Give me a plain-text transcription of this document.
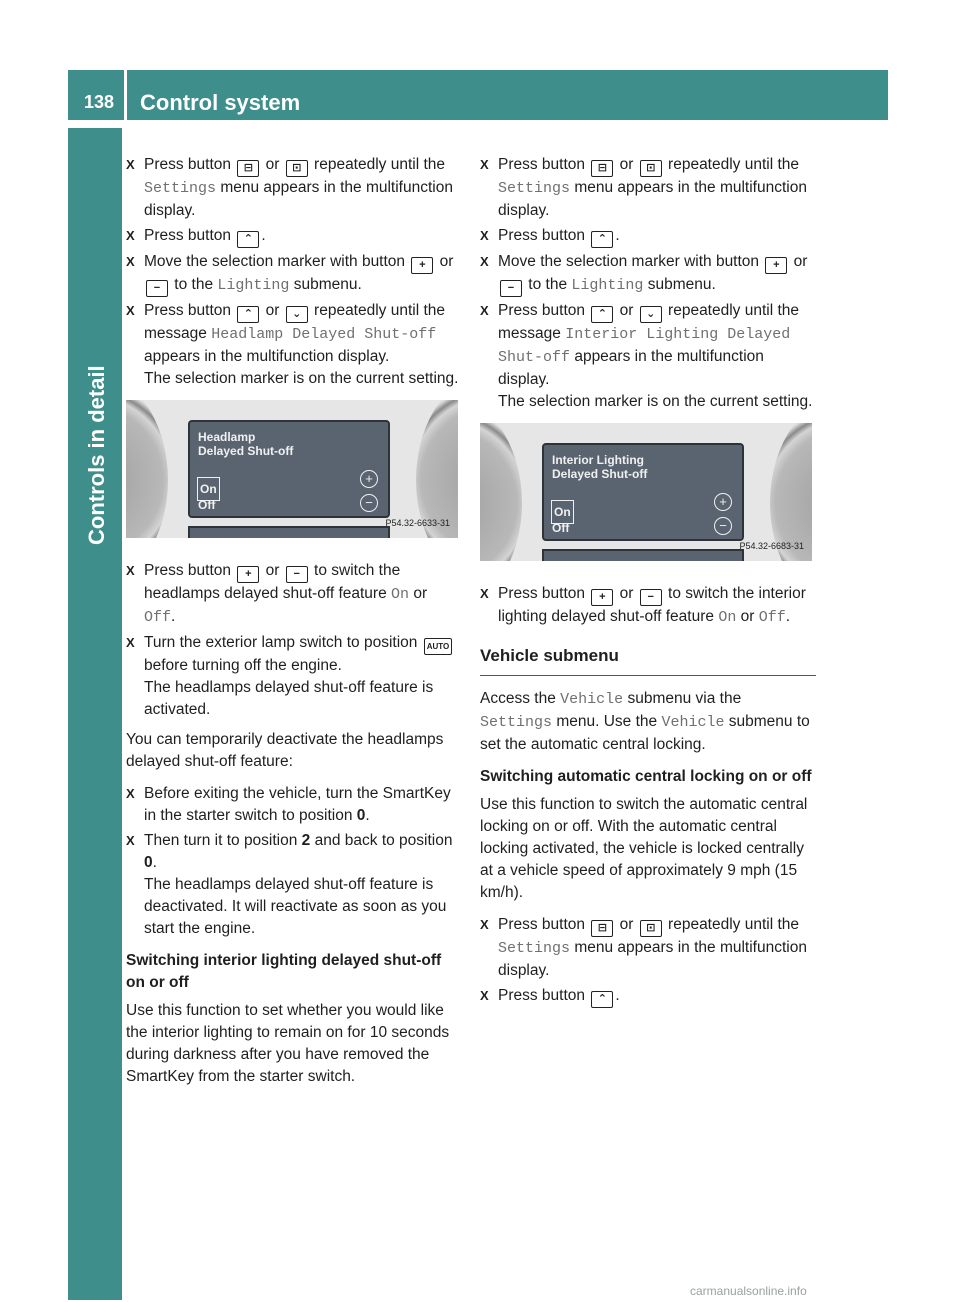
138 Control system
Controls in detail
X Press button ⊟ or ⊡ repeatedly until the Settings menu appears in the multifunction display.
X Press button ⌃ .
X Move the selection marker with button + or − to the Lighting submenu.
X Press button ⌃ or ⌄ repeatedly until the message Headlamp Delayed Shut-off appears in the multifunction display.
The selection marker is on the current setting.
Headlamp
Delayed Shut-off
On
Off
+
−
P54.32-6633-31
X Press button + or − to switch the headlamps delayed shut-off feature On or Off.
X Turn the exterior lamp switch to position AUTO before turning off the engine.
The headlamps delayed shut-off feature is activated.

You can temporarily deactivate the headlamps delayed shut-off feature:

X Before exiting the vehicle, turn the SmartKey in the starter switch to position 0.
X Then turn it to position 2 and back to position 0.
The headlamps delayed shut-off feature is deactivated. It will reactivate as soon as you start the engine.

Switching interior lighting delayed shut-off on or off

Use this function to set whether you would like the interior lighting to remain on for 10 seconds during darkness after you have removed the SmartKey from the starter switch.

X Press button ⊟ or ⊡ repeatedly until the Settings menu appears in the multifunction display.
X Press button ⌃ .
X Move the selection marker with button + or − to the Lighting submenu.
X Press button ⌃ or ⌄ repeatedly until the message Interior Lighting Delayed Shut-off appears in the multifunction display.
The selection marker is on the current setting.
Interior Lighting
Delayed Shut-off
On
Off
+
−
P54.32-6683-31
X Press button + or − to switch the interior lighting delayed shut-off feature On or Off.
Vehicle submenu

Access the Vehicle submenu via the Settings menu. Use the Vehicle submenu to set the automatic central locking.

Switching automatic central locking on or off

Use this function to switch the automatic central locking on or off. With the automatic central locking activated, the vehicle is locked centrally at a vehicle speed of approximately 9 mph (15 km/h).

X Press button ⊟ or ⊡ repeatedly until the Settings menu appears in the multifunction display.
X Press button ⌃ .
carmanualsonline.info
